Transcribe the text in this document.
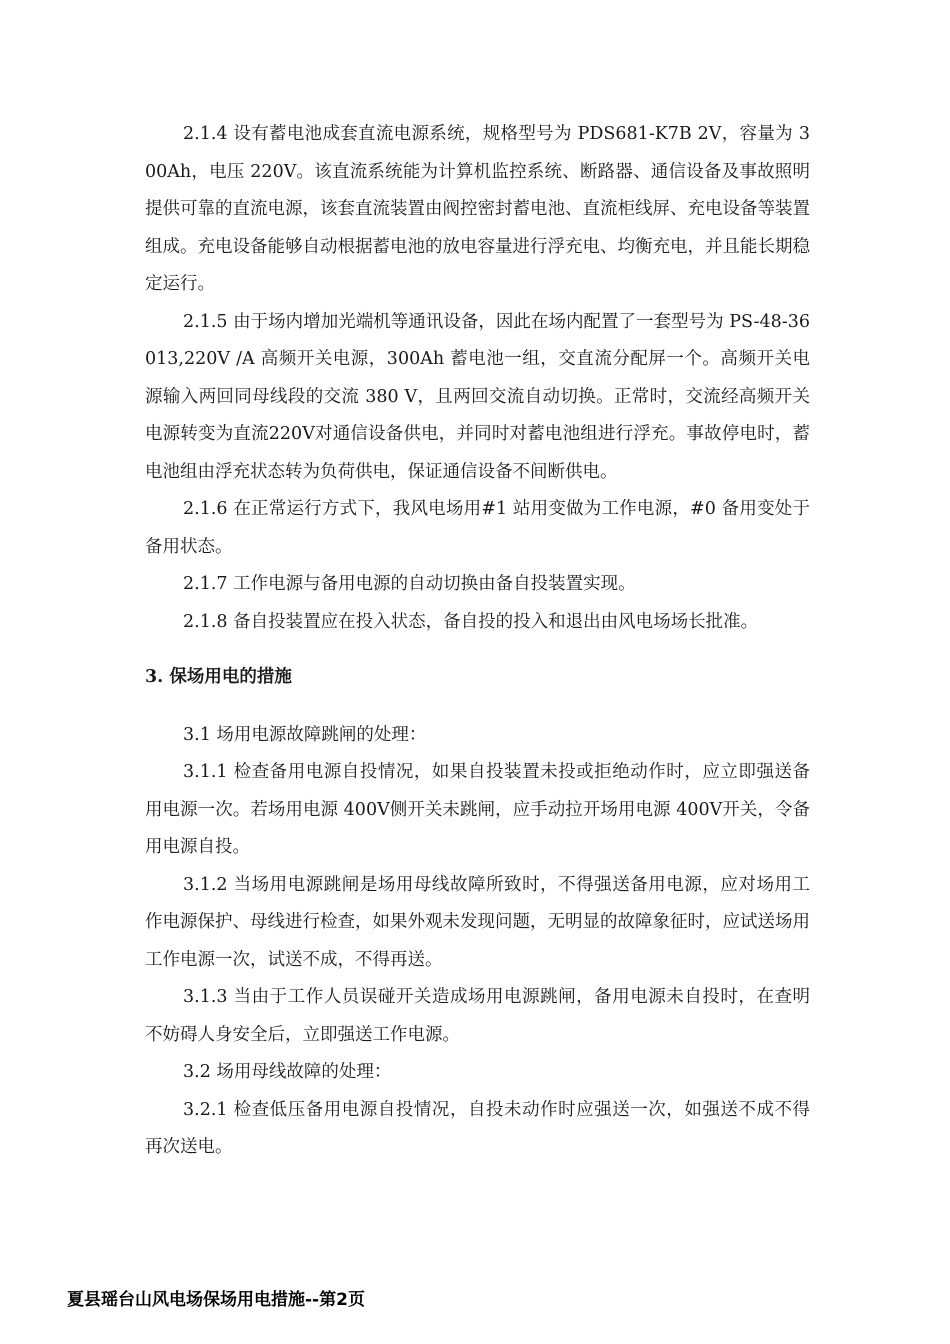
2.1.4 设有蓄电池成套直流电源系统，规格型号为 PDS681-K7B 2V，容量为 300Ah，电压 220V。该直流系统能为计算机监控系统、断路器、通信设备及事故照明提供可靠的直流电源，该套直流装置由阀控密封蓄电池、直流柜线屏、充电设备等装置组成。充电设备能够自动根据蓄电池的放电容量进行浮充电、均衡充电，并且能长期稳定运行。

2.1.5 由于场内增加光端机等通讯设备，因此在场内配置了一套型号为 PS-48-36013,220V /A 高频开关电源，300Ah 蓄电池一组，交直流分配屏一个。高频开关电源输入两回同母线段的交流 380 V，且两回交流自动切换。正常时，交流经高频开关电源转变为直流220V对通信设备供电，并同时对蓄电池组进行浮充。事故停电时，蓄电池组由浮充状态转为负荷供电，保证通信设备不间断供电。

2.1.6 在正常运行方式下，我风电场用#1 站用变做为工作电源，#0 备用变处于备用状态。

2.1.7 工作电源与备用电源的自动切换由备自投装置实现。

2.1.8 备自投装置应在投入状态，备自投的投入和退出由风电场场长批准。

3. 保场用电的措施

3.1 场用电源故障跳闸的处理：

3.1.1 检查备用电源自投情况，如果自投装置未投或拒绝动作时，应立即强送备用电源一次。若场用电源 400V侧开关未跳闸，应手动拉开场用电源 400V开关，令备用电源自投。

3.1.2 当场用电源跳闸是场用母线故障所致时，不得强送备用电源，应对场用工作电源保护、母线进行检查，如果外观未发现问题，无明显的故障象征时，应试送场用工作电源一次，试送不成，不得再送。

3.1.3 当由于工作人员误碰开关造成场用电源跳闸，备用电源未自投时，在查明不妨碍人身安全后，立即强送工作电源。

3.2 场用母线故障的处理：

3.2.1 检查低压备用电源自投情况，自投未动作时应强送一次，如强送不成不得再次送电。

夏县瑶台山风电场保场用电措施--第2页
